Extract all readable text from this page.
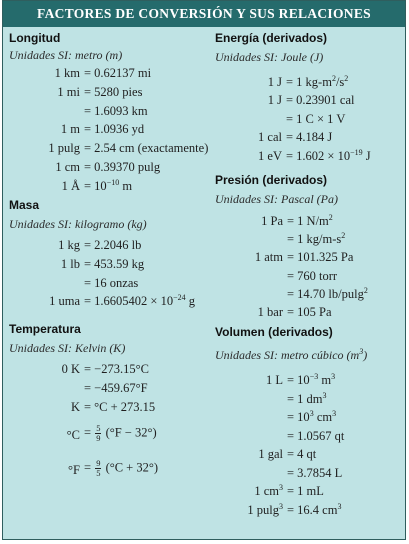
FACTORES DE CONVERSIÓN Y SUS RELACIONES
Longitud
Unidades SI: metro (m)
1 km = 0.62137 mi
1 mi = 5280 pies
= 1.6093 km
1 m = 1.0936 yd
1 pulg = 2.54 cm (exactamente)
1 cm = 0.39370 pulg
1 Å = $10^{-10}$ m
Masa
Unidades SI: kilogramo (kg)
1 kg = 2.2046 lb
1 lb = 453.59 kg
= 16 onzas
1 uma = $1.6605402 \times 10^{-24}$ g
Temperatura
Unidades SI: Kelvin (K)
0 K = −273.15°C
= −459.67°F
K = °C + 273.15
Energía (derivados)
Unidades SI: Joule (J)
1 J = 1 $kg-m^2/s^2$
1 J = 0.23901 cal
= 1 C × 1 V
1 cal = 4.184 J
1 eV = $1.602 \times 10^{-19}$ J
Presión (derivados)
Unidades SI: Pascal (Pa)
1 Pa = 1 $N/m^2$
= 1 $kg/m-s^2$
1 atm = 101.325 Pa
= 760 torr
= 14.70 lb/pulg$^2$
1 bar = 105 Pa
Volumen (derivados)
Unidades SI: metro cúbico $(m^3)$
1 $L = 10^{-3}$ $m^3$
= 1 $dm^3$
= $10^3$ $cm^3$
= 1.0567 qt
1 gal = 4 qt
= 3.7854 L
1 $cm^3 = 1$ mL
1 pulg$^3$ = 16.4 $cm^3$
$^\circ C = \frac{5}{9} (^\circ F - 32^\circ)$
$^\circ F = \frac{9}{5} (^\circ C + 32^\circ)$
